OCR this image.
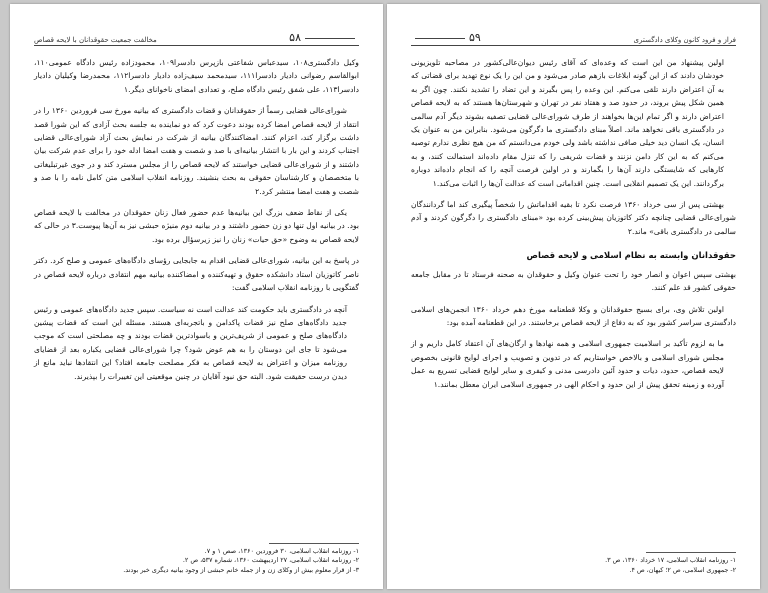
۵۸
مخالفت جمعیت حقوقدانان با لایحه قصاص

وکیل دادگستری۱۰۸، سیدعباس شفاعتی بازپرس دادسرا۱۰۹، محمودزاده رئیس دادگاه عمومی۱۱۰، ابوالقاسم رضوانی دادیار دادسرا۱۱۱، سیدمحمد سیف‌زاده دادیار دادسرا۱۱۲، محمدرضا وکیلیان دادیار دادسرا۱۱۳، علی شفق رئیس دادگاه صلح، و تعدادی امضای ناخوانای دیگر.۱

شورای‌عالی قضایی رسماً از حقوقدانان و قضات دادگستری که بیانیه مورخ سی فروردین ۱۳۶۰ را در انتقاد از لایحه قصاص امضا کرده بودند دعوت کرد که دو نماینده به جلسه بحث آزادی که این شورا قصد داشت برگزار کند، اعزام کنند. امضاکنندگان بیانیه از شرکت در نمایش بحث آزاد شورای‌عالی قضایی اجتناب کردند و این بار با انتشار بیانیه‌ای با صد و شصت و هفت امضا ادله خود را برای عدم شرکت بیان داشتند و از شورای‌عالی قضایی خواستند که لایحه قصاص را از مجلس مسترد کند و در جوی غیرتبلیغاتی با متخصصان و کارشناسان حقوقی به بحث بنشیند. روزنامه انقلاب اسلامی متن کامل نامه را با صد و شصت و هفت امضا منتشر کرد.۲

یکی از نقاط ضعف بزرگ این بیانیه‌ها عدم حضور فعال زنان حقوقدان در مخالفت با لایحه قصاص بود. در بیانیه اول تنها دو زن حضور داشتند و در بیانیه دوم منیژه حبشی نیز به آن‌ها پیوست.۳ در حالی که لایحه قصاص به وضوح «حق حیات» زنان را نیز زیرسؤال برده بود.

در پاسخ به این بیانیه، شورای‌عالی قضایی اقدام به جابجایی رؤسای دادگاه‌های عمومی و صلح کرد. دکتر ناصر کاتوزیان استاد دانشکده حقوق و تهیه‌کننده و امضاکننده بیانیه مهم انتقادی درباره لایحه قصاص در گفتگویی با روزنامه انقلاب اسلامی گفت:

آنچه در دادگستری باید حکومت کند عدالت است نه سیاست. سپس جدید دادگاه‌های عمومی و رئیس جدید دادگاه‌های صلح نیز قضات پاکدامن و باتجربه‌ای هستند. مسئله این است که قضات پیشین دادگاه‌های صلح و عمومی از شریف‌ترین و باسوادترین قضات بودند و چه مصلحتی است که موجب می‌شود تا جای این دوستان را به هم عوض شود؟ چرا شورای‌عالی قضایی یکباره بعد از قضایای روزنامه میزان و اعتراض به لایحه قصاص به فکر مصلحت جامعه افتاد؟ این انتقادها نباید مانع از دیدن درست حقیقت شود. البته حق نبود آقایان در چنین موقعیتی این تغییرات را بپذیرند.

۱- روزنامه انقلاب اسلامی، ۳۰ فروردین ۱۳۶۰، صص ۱ و ۷.
۲- روزنامه انقلاب اسلامی، ۲۷ اردیبهشت ۱۳۶۰، شماره ۵۳۷، ص ۲.
۳- از قرار معلوم بیش از وکلای زن و از جمله خانم حبشی از وجود بیانیه دیگری خبر بودند.
فراز و فرود کانون وکلای دادگستری
۵۹

اولین پیشنهاد من این است که وعده‌ای که آقای رئیس دیوان‌عالی‌کشور در مصاحبه تلویزیونی خودشان دادند که از این گونه ابلاغات بازهم صادر می‌شود و من این را یک نوع تهدید برای قضاتی که به آن اعتراض دارند تلقی می‌کنم. این وعده را پس بگیرند و این تضاد را تشدید نکنند. چون اگر به همین شکل پیش بروند، در حدود صد و هفتاد نفر در تهران و شهرستان‌ها هستند که به لایحه قصاص اعتراض دارند و اگر تمام این‌ها بخواهند از طرف شورای‌عالی قضایی تصفیه بشوند دیگر آدم سالمی در دادگستری باقی نخواهد ماند. اصلاً مبنای دادگستری ما دگرگون می‌شود. بنابراین من به عنوان یک انسان، یک انسان دید خیلی صافی نداشته باشد ولی خودم می‌دانستم که من هیچ نظری ندارم توصیه می‌کنم که به این کار دامن نزنند و قضات شریفی را که تنزل مقام داده‌اند استمالت کنند، و به کارهایی که شایستگی دارند آن‌ها را بگمارند و در اولین فرصت آنچه را که انجام داده‌اند دوباره برگردانند. این یک تصمیم انقلابی است. چنین اقداماتی است که عدالت آن‌ها را اثبات می‌کند.۱

بهشتی پس از سی خرداد ۱۳۶۰ فرصت نکرد تا بقیه اقداماتش را شخصاً پیگیری کند اما گردانندگان شورای‌عالی قضایی چنانچه دکتر کاتوزیان پیش‌بینی کرده بود «مبنای دادگستری را دگرگون کردند و آدم سالمی در دادگستری باقی» ماند.۲

حقوقدانان وابسته به نظام اسلامی و لایحه قصاص

بهشتی سپس اعوان و انصار خود را تحت عنوان وکیل و حقوقدان به صحنه فرستاد تا در مقابل جامعه حقوقی کشور قد علم کنند.

اولین تلاش وی، برای بسیج حقوقدانان و وکلا قطعنامه مورخ دهم خرداد ۱۳۶۰ انجمن‌های اسلامی دادگستری سراسر کشور بود که به دفاع از لایحه قصاص برخاستند. در این قطعنامه آمده بود:

ما به لزوم تأکید بر اسلامیت جمهوری اسلامی و همه نهادها و ارگان‌های آن اعتقاد کامل داریم و از مجلس شورای اسلامی و بالاخص خواستاریم که در تدوین و تصویب و اجرای لوایح قانونی بخصوص لایحه قصاص، حدود، دیات و حدود آئین دادرسی مدنی و کیفری و سایر لوایح قضایی تسریع به عمل آورده و زمینه تحقق پیش از این حدود و احکام الهی در جمهوری اسلامی ایران معطل بمانند.۱

۱- روزنامه انقلاب اسلامی، ۱۷ خرداد ۱۳۶۰، ص ۳.
۲- جمهوری اسلامی، ص ۲؛ کیهان، ص ۴.
